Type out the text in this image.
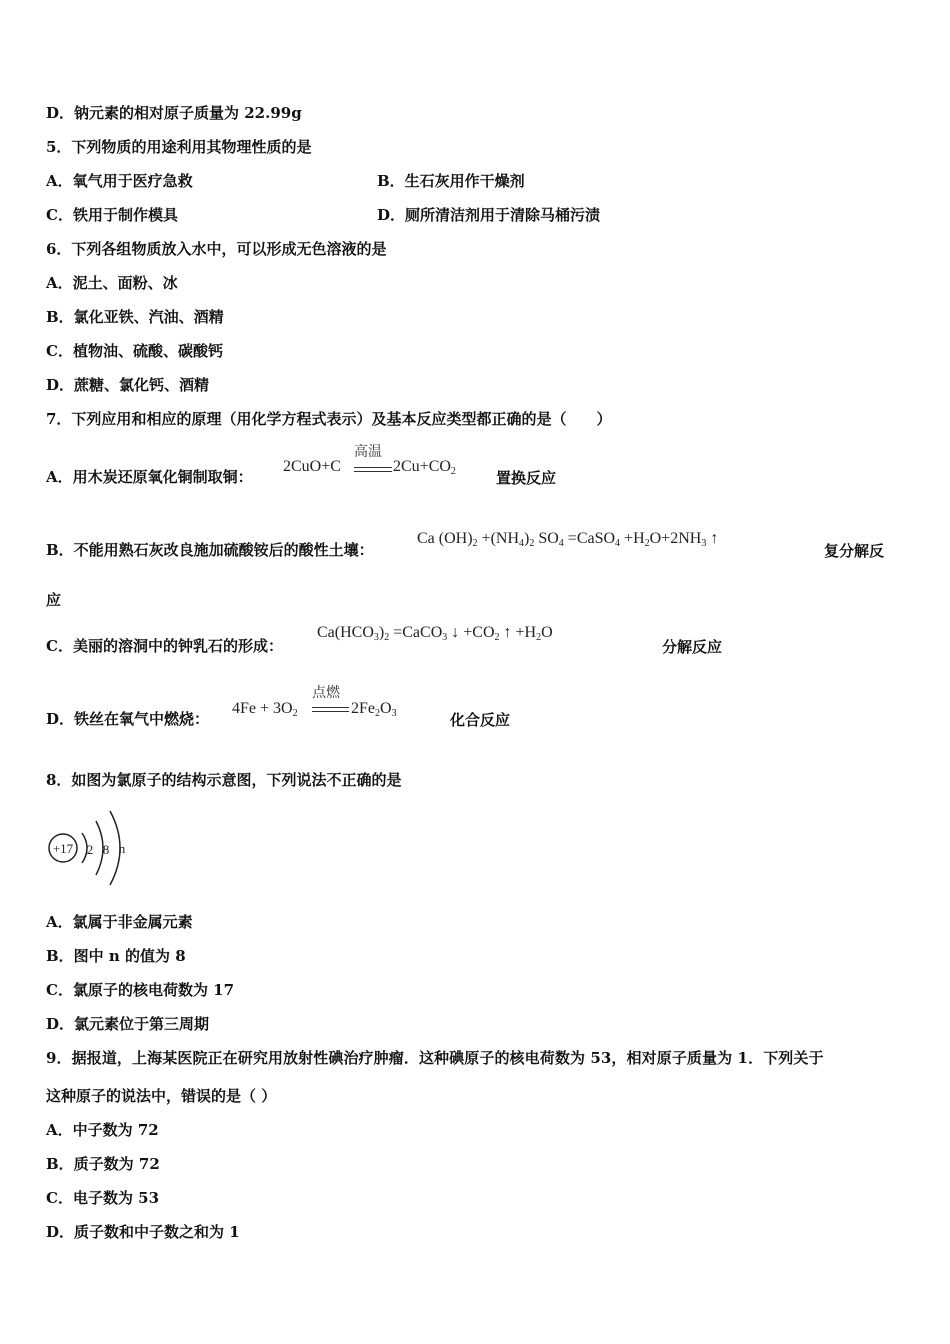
D．钠元素的相对原子质量为 22.99g
5．下列物质的用途利用其物理性质的是
A．氧气用于医疗急救	B．生石灰用作干燥剂
C．铁用于制作模具	D．厕所清洁剂用于清除马桶污渍
6．下列各组物质放入水中，可以形成无色溶液的是
A．泥土、面粉、冰
B．氯化亚铁、汽油、酒精
C．植物油、硫酸、碳酸钙
D．蔗糖、氯化钙、酒精
7．下列应用和相应的原理（用化学方程式表示）及基本反应类型都正确的是（　　）
A．用木炭还原氧化铜制取铜：
高温
2CuO+C	$2Cu+CO_2$	置换反应
B．不能用熟石灰改良施加硫酸铵后的酸性土壤：
Ca $(OH)_2 +(NH_4)_2$ $SO_4$ =CaSO$_4$ $+H_2O+2NH_3$ ↑
复分解反
应
C．美丽的溶洞中的钟乳石的形成：
$Ca(HCO_3)_2$ =CaCO$_3$ ↓ $+CO_2$ ↑ $+H_2O$
分解反应
D．铁丝在氧气中燃烧：
点燃
$4Fe + 3O_2$	$2Fe_2O_3$	化合反应
8．如图为氯原子的结构示意图，下列说法不正确的是
+17 2 8 n
A．氯属于非金属元素
B．图中 n 的值为 8
C．氯原子的核电荷数为 17
D．氯元素位于第三周期
9．据报道，上海某医院正在研究用放射性碘治疗肿瘤．这种碘原子的核电荷数为 53，相对原子质量为 1．下列关于
这种原子的说法中，错误的是（ ）
A．中子数为 72
B．质子数为 72
C．电子数为 53
D．质子数和中子数之和为 1
